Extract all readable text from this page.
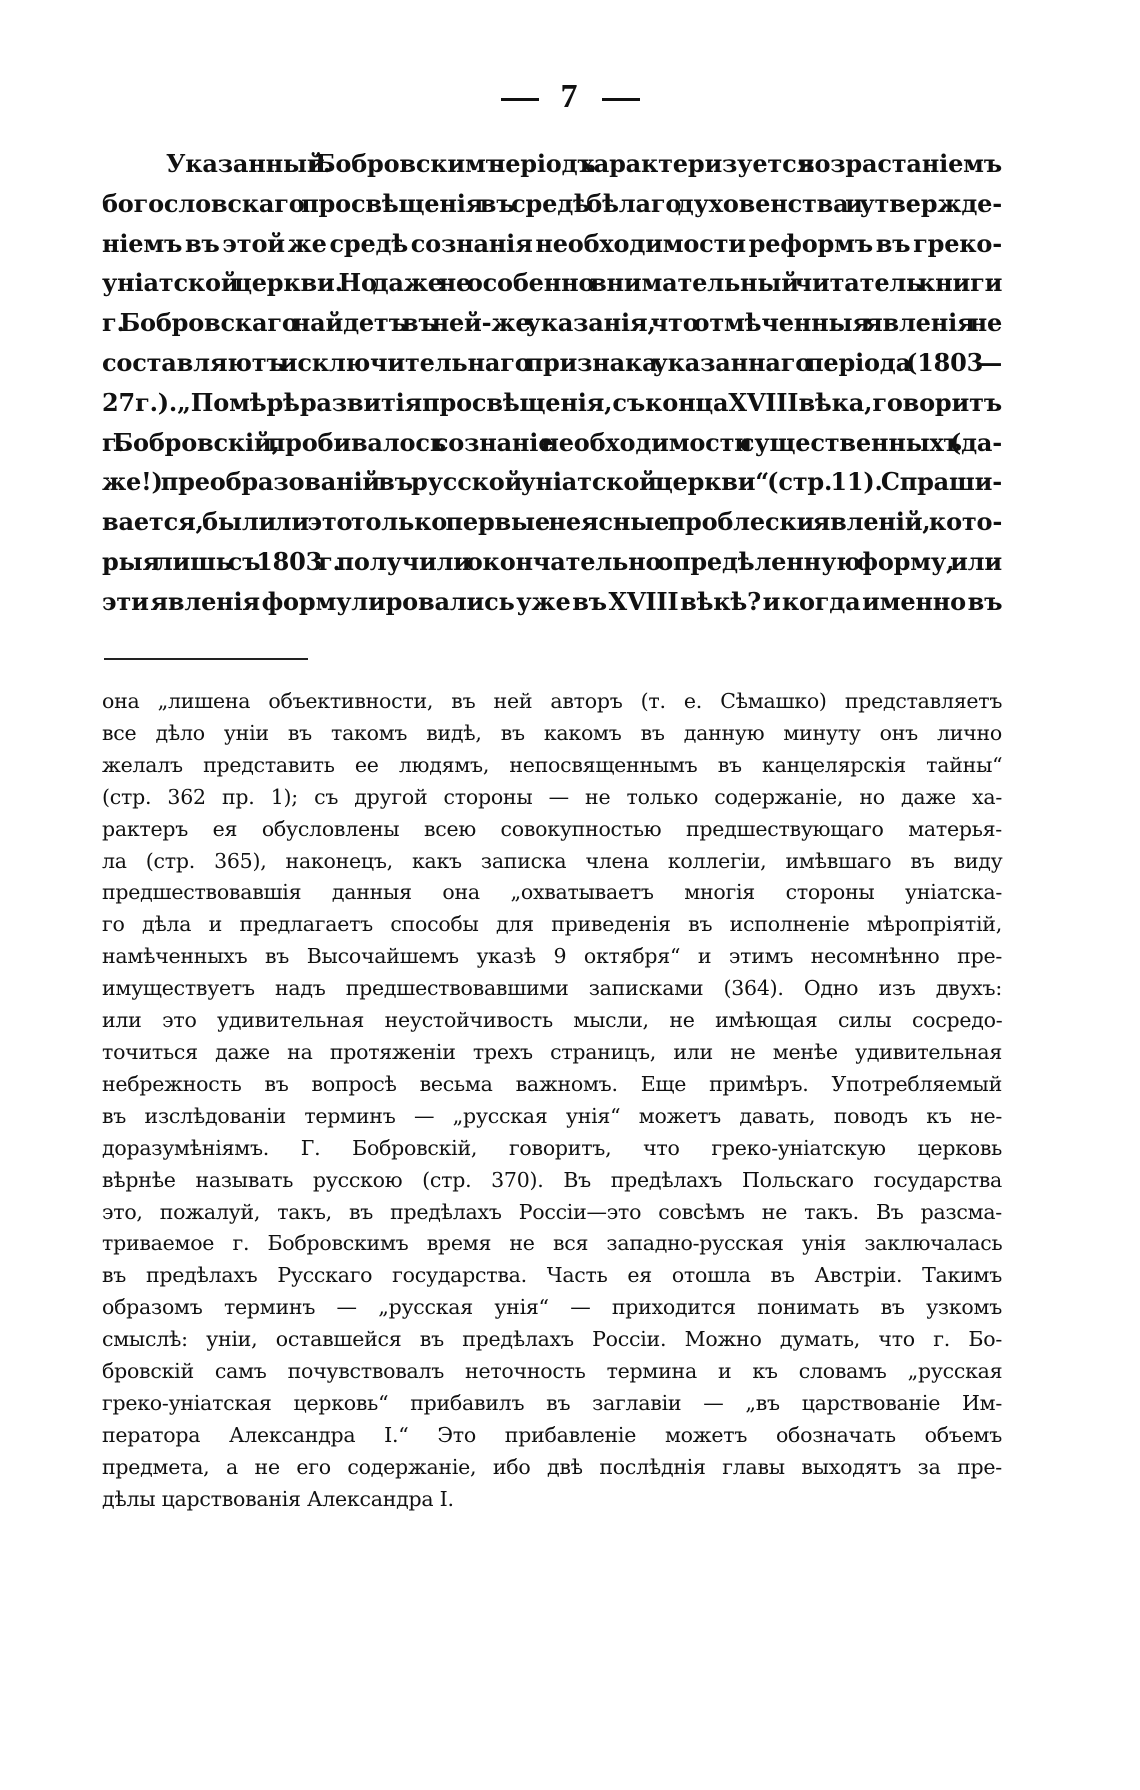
7
Указанный г. Бобровскимъ періодъ характеризуется возрастаніемъ
богословскаго просвѣщенія въ средѣ бѣлаго духовенства и утвержде-
ніемъ въ этой же средѣ сознанія необходимости реформъ въ греко-
уніатской церкви. Но даже не особенно внимательный читатель книги
г. Бобровскаго найдетъ въ ней-же указанія, что отмѣченныя явленія не
составляютъ исключительнаго признака указаннаго періода (1803 —
27 г.). „По мѣрѣ развитія просвѣщенія, съ конца XVIII вѣка, говоритъ
г. Бобровскій, пробивалось сознаніе необходимости существенныхъ (да-
же!) преобразованій въ русской уніатской церкви“ (стр. 11). Спраши-
вается, были ли это только первые неясные проблески явленій, кото-
рыя лишь съ 1803 г. получили окончательно опредѣленную форму, или
эти явленія формулировались уже въ XVIII вѣкѣ? и когда именно въ
она „лишена объективности, въ ней авторъ (т. е. Сѣмашко) представляетъ
все дѣло уніи въ такомъ видѣ, въ какомъ въ данную минуту онъ лично
желалъ представить ее людямъ, непосвященнымъ въ канцелярскія тайны“
(стр. 362 пр. 1); съ другой стороны — не только содержаніе, но даже ха-
рактеръ ея обусловлены всею совокупностью предшествующаго матерья-
ла (стр. 365), наконецъ, какъ записка члена коллегіи, имѣвшаго въ виду
предшествовавшія данныя она „охватываетъ многія стороны уніатска-
го дѣла и предлагаетъ способы для приведенія въ исполненіе мѣропріятій,
намѣченныхъ въ Высочайшемъ указѣ 9 октября“ и этимъ несомнѣнно пре-
имуществуетъ надъ предшествовавшими записками (364). Одно изъ двухъ:
или это удивительная неустойчивость мысли, не имѣющая силы сосредо-
точиться даже на протяженіи трехъ страницъ, или не менѣе удивительная
небрежность въ вопросѣ весьма важномъ. Еще примѣръ. Употребляемый
въ изслѣдованіи терминъ — „русская унія“ можетъ давать, поводъ къ не-
доразумѣніямъ. Г. Бобровскій, говоритъ, что греко-уніатскую церковь
вѣрнѣе называть русскою (стр. 370). Въ предѣлахъ Польскаго государства
это, пожалуй, такъ, въ предѣлахъ Россіи—это совсѣмъ не такъ. Въ разсма-
триваемое г. Бобровскимъ время не вся западно-русская унія заключалась
въ предѣлахъ Русскаго государства. Часть ея отошла въ Австріи. Такимъ
образомъ терминъ — „русская унія“ — приходится понимать въ узкомъ
смыслѣ: уніи, оставшейся въ предѣлахъ Россіи. Можно думать, что г. Бо-
бровскій самъ почувствовалъ неточность термина и къ словамъ „русская
греко-уніатская церковь“ прибавилъ въ заглавіи — „въ царствованіе Им-
ператора Александра I.“ Это прибавленіе можетъ обозначать объемъ
предмета, а не его содержаніе, ибо двѣ послѣднія главы выходятъ за пре-
дѣлы царствованія Александра I.
